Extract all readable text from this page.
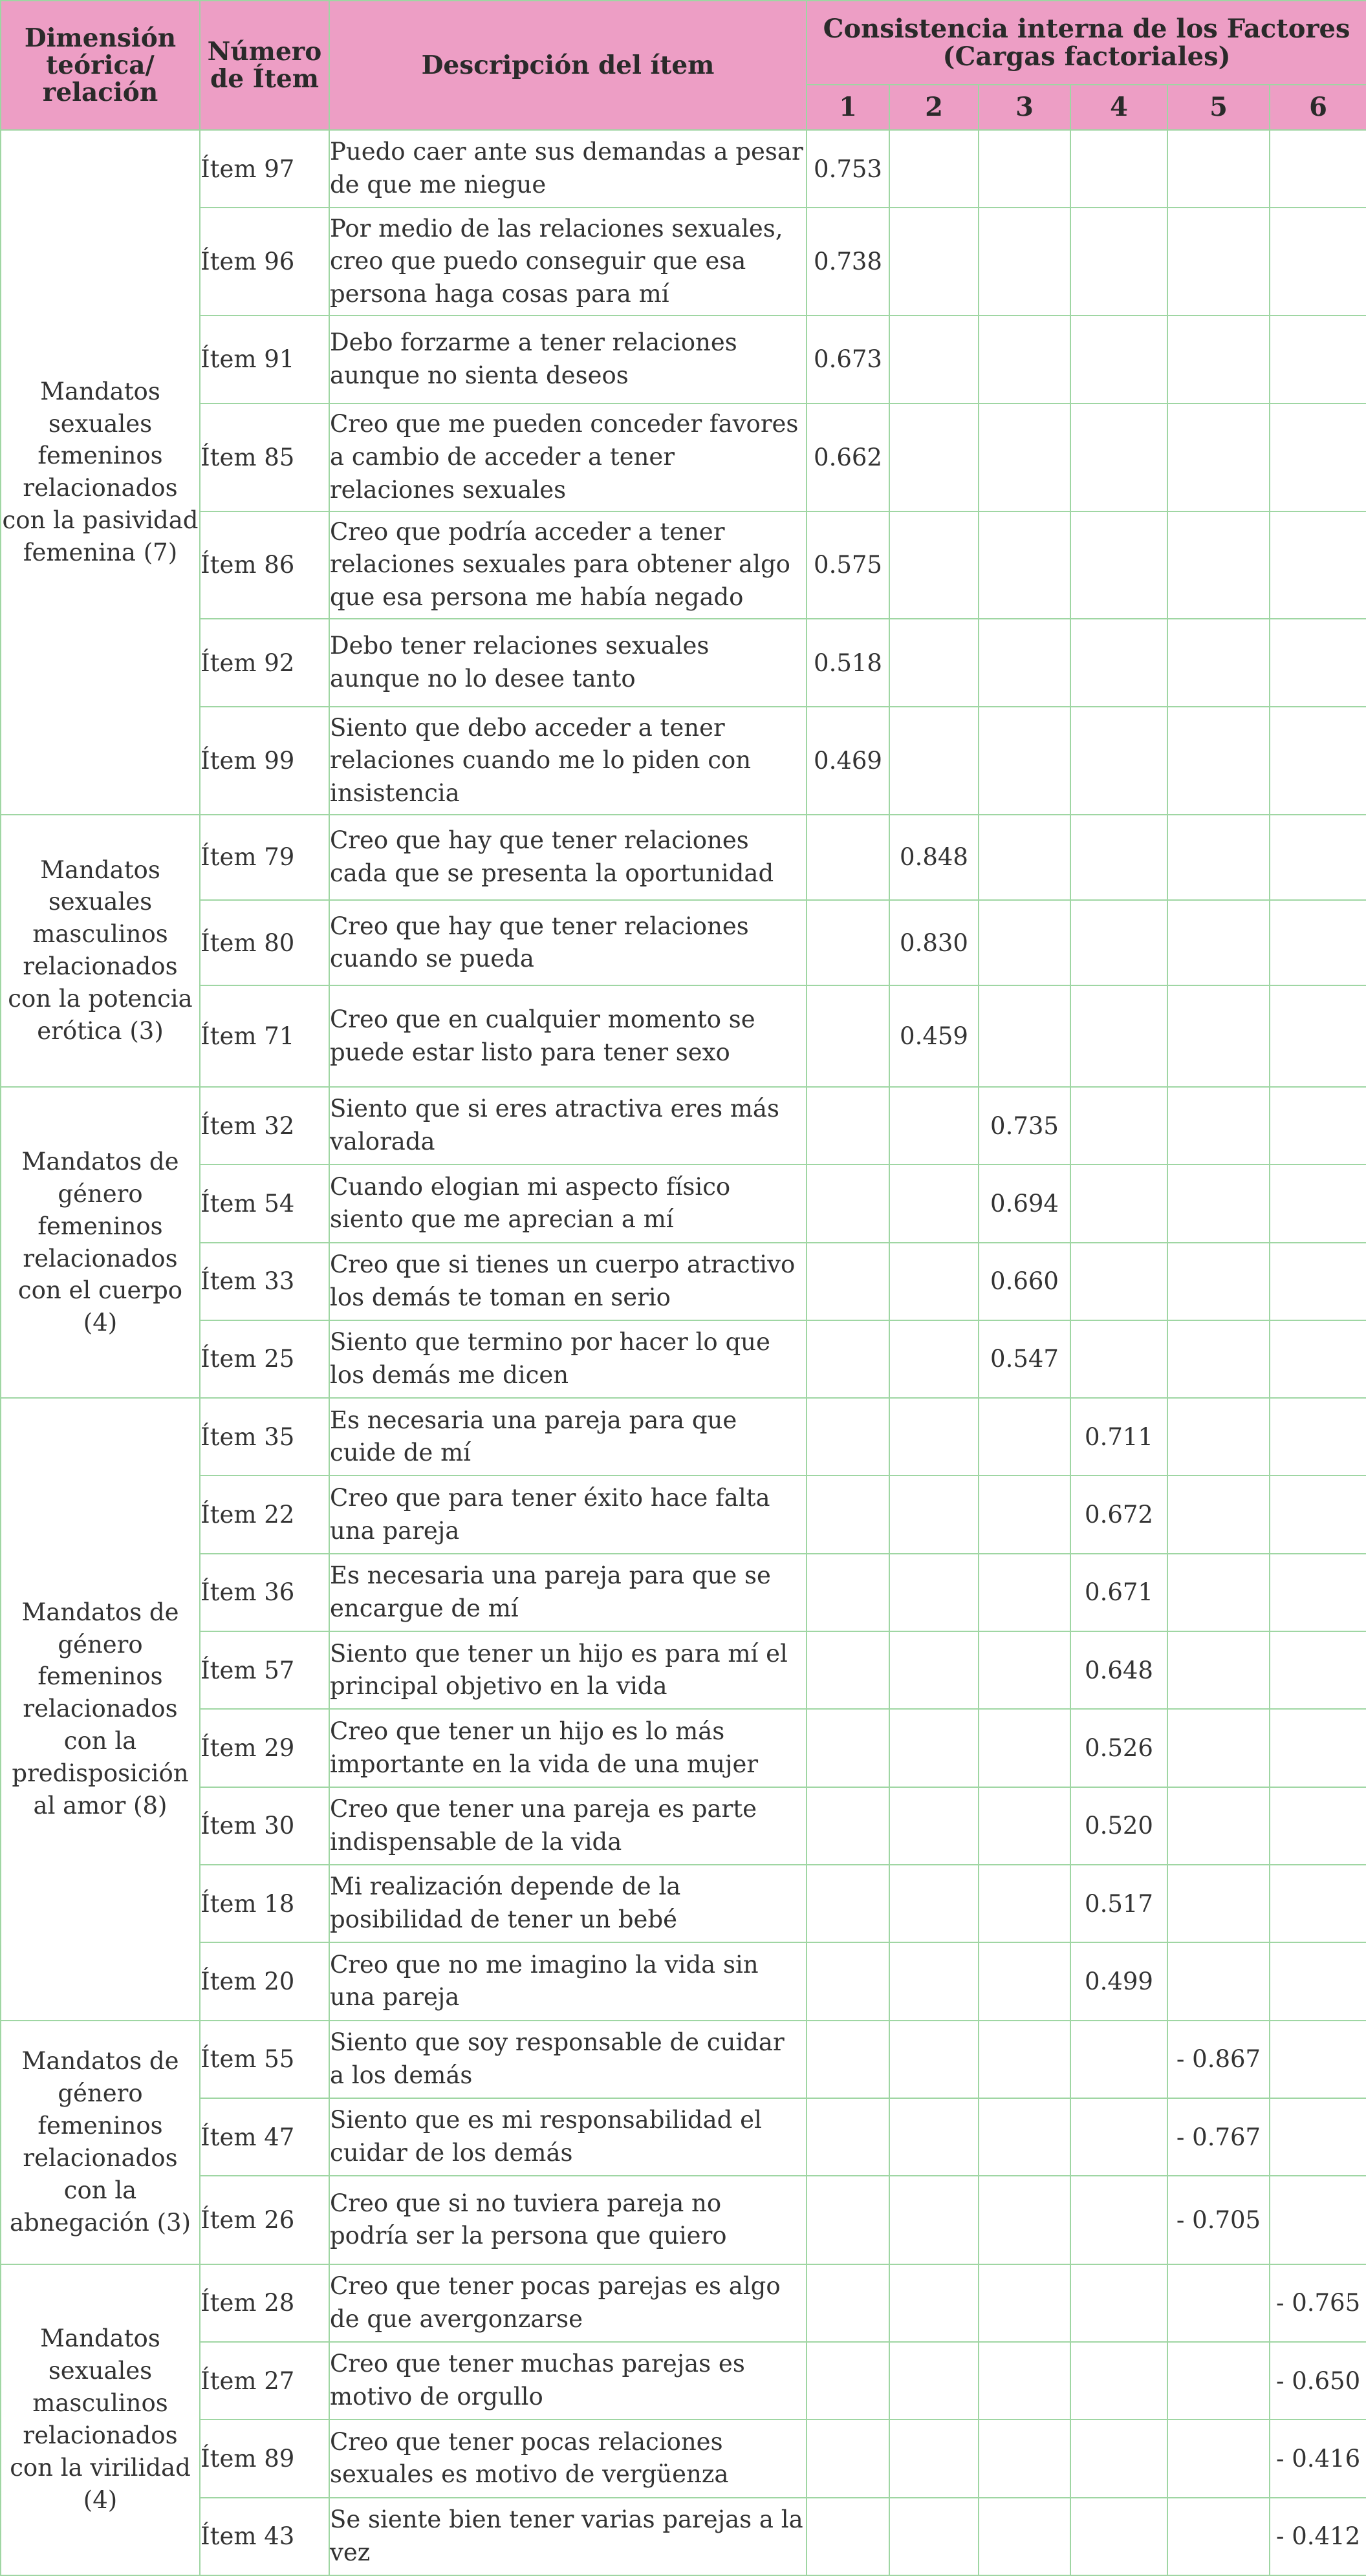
Dimensión teórica/ relación	Número de Ítem	Descripción del ítem	Consistencia interna de los Factores (Cargas factoriales)					
			1	2	3	4	5	6
Mandatos sexuales femeninos relacionados con la pasividad femenina (7)	Ítem 97	Puedo caer ante sus demandas a pesar de que me niegue	0.753					
	Ítem 96	Por medio de las relaciones sexuales, creo que puedo conseguir que esa persona haga cosas para mí	0.738					
	Ítem 91	Debo forzarme a tener relaciones aunque no sienta deseos	0.673					
	Ítem 85	Creo que me pueden conceder favores a cambio de acceder a tener relaciones sexuales	0.662					
	Ítem 86	Creo que podría acceder a tener relaciones sexuales para obtener algo que esa persona me había negado	0.575					
	Ítem 92	Debo tener relaciones sexuales aunque no lo desee tanto	0.518					
	Ítem 99	Siento que debo acceder a tener relaciones cuando me lo piden con insistencia	0.469					
Mandatos sexuales masculinos relacionados con la potencia erótica (3)	Ítem 79	Creo que hay que tener relaciones cada que se presenta la oportunidad		0.848				
	Ítem 80	Creo que hay que tener relaciones cuando se pueda		0.830				
	Ítem 71	Creo que en cualquier momento se puede estar listo para tener sexo		0.459				
Mandatos de género femeninos relacionados con el cuerpo (4)	Ítem 32	Siento que si eres atractiva eres más valorada			0.735			
	Ítem 54	Cuando elogian mi aspecto físico siento que me aprecian a mí			0.694			
	Ítem 33	Creo que si tienes un cuerpo atractivo los demás te toman en serio			0.660			
	Ítem 25	Siento que termino por hacer lo que los demás me dicen			0.547			
Mandatos de género femeninos relacionados con la predisposición al amor (8)	Ítem 35	Es necesaria una pareja para que cuide de mí				0.711		
	Ítem 22	Creo que para tener éxito hace falta una pareja				0.672		
	Ítem 36	Es necesaria una pareja para que se encargue de mí				0.671		
	Ítem 57	Siento que tener un hijo es para mí el principal objetivo en la vida				0.648		
	Ítem 29	Creo que tener un hijo es lo más importante en la vida de una mujer				0.526		
	Ítem 30	Creo que tener una pareja es parte indispensable de la vida				0.520		
	Ítem 18	Mi realización depende de la posibilidad de tener un bebé				0.517		
	Ítem 20	Creo que no me imagino la vida sin una pareja				0.499		
Mandatos de género femeninos relacionados con la abnegación (3)	Ítem 55	Siento que soy responsable de cuidar a los demás					- 0.867	
	Ítem 47	Siento que es mi responsabilidad el cuidar de los demás					- 0.767	
	Ítem 26	Creo que si no tuviera pareja no podría ser la persona que quiero					- 0.705	
Mandatos sexuales masculinos relacionados con la virilidad (4)	Ítem 28	Creo que tener pocas parejas es algo de que avergonzarse						- 0.765
	Ítem 27	Creo que tener muchas parejas es motivo de orgullo						- 0.650
	Ítem 89	Creo que tener pocas relaciones sexuales es motivo de vergüenza						- 0.416
	Ítem 43	Se siente bien tener varias parejas a la vez						- 0.412
